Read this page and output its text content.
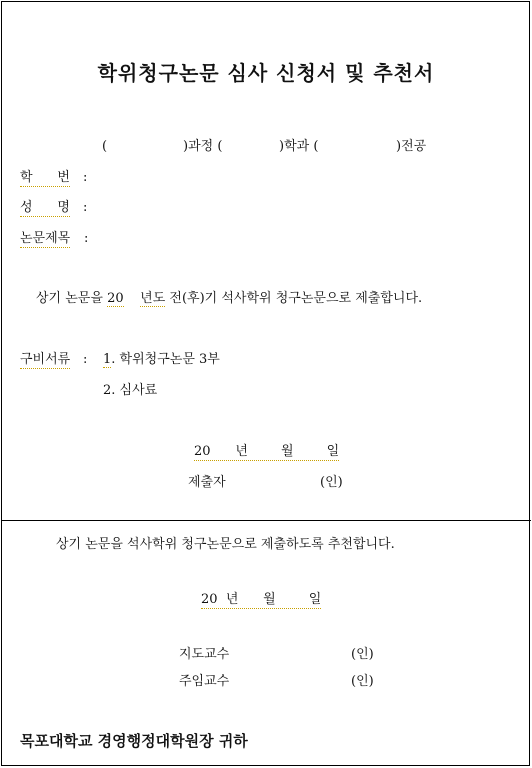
학위청구논문 심사 신청서 및 추천서
(	)과정 (	)학과 (	)전공
학 번 :
성 명 :
논문제목 :
상기 논문을 20 년도 전(후)기 석사학위 청구논문으로 제출합니다.
구비서류 : 1. 학위청구논문 3부
2. 심사료
20 년	월	일
제출자	(인)
상기 논문을 석사학위 청구논문으로 제출하도록 추천합니다.
20 년 월	일
지도교수	(인)
주임교수	(인)
목포대학교 경영행정대학원장 귀하
